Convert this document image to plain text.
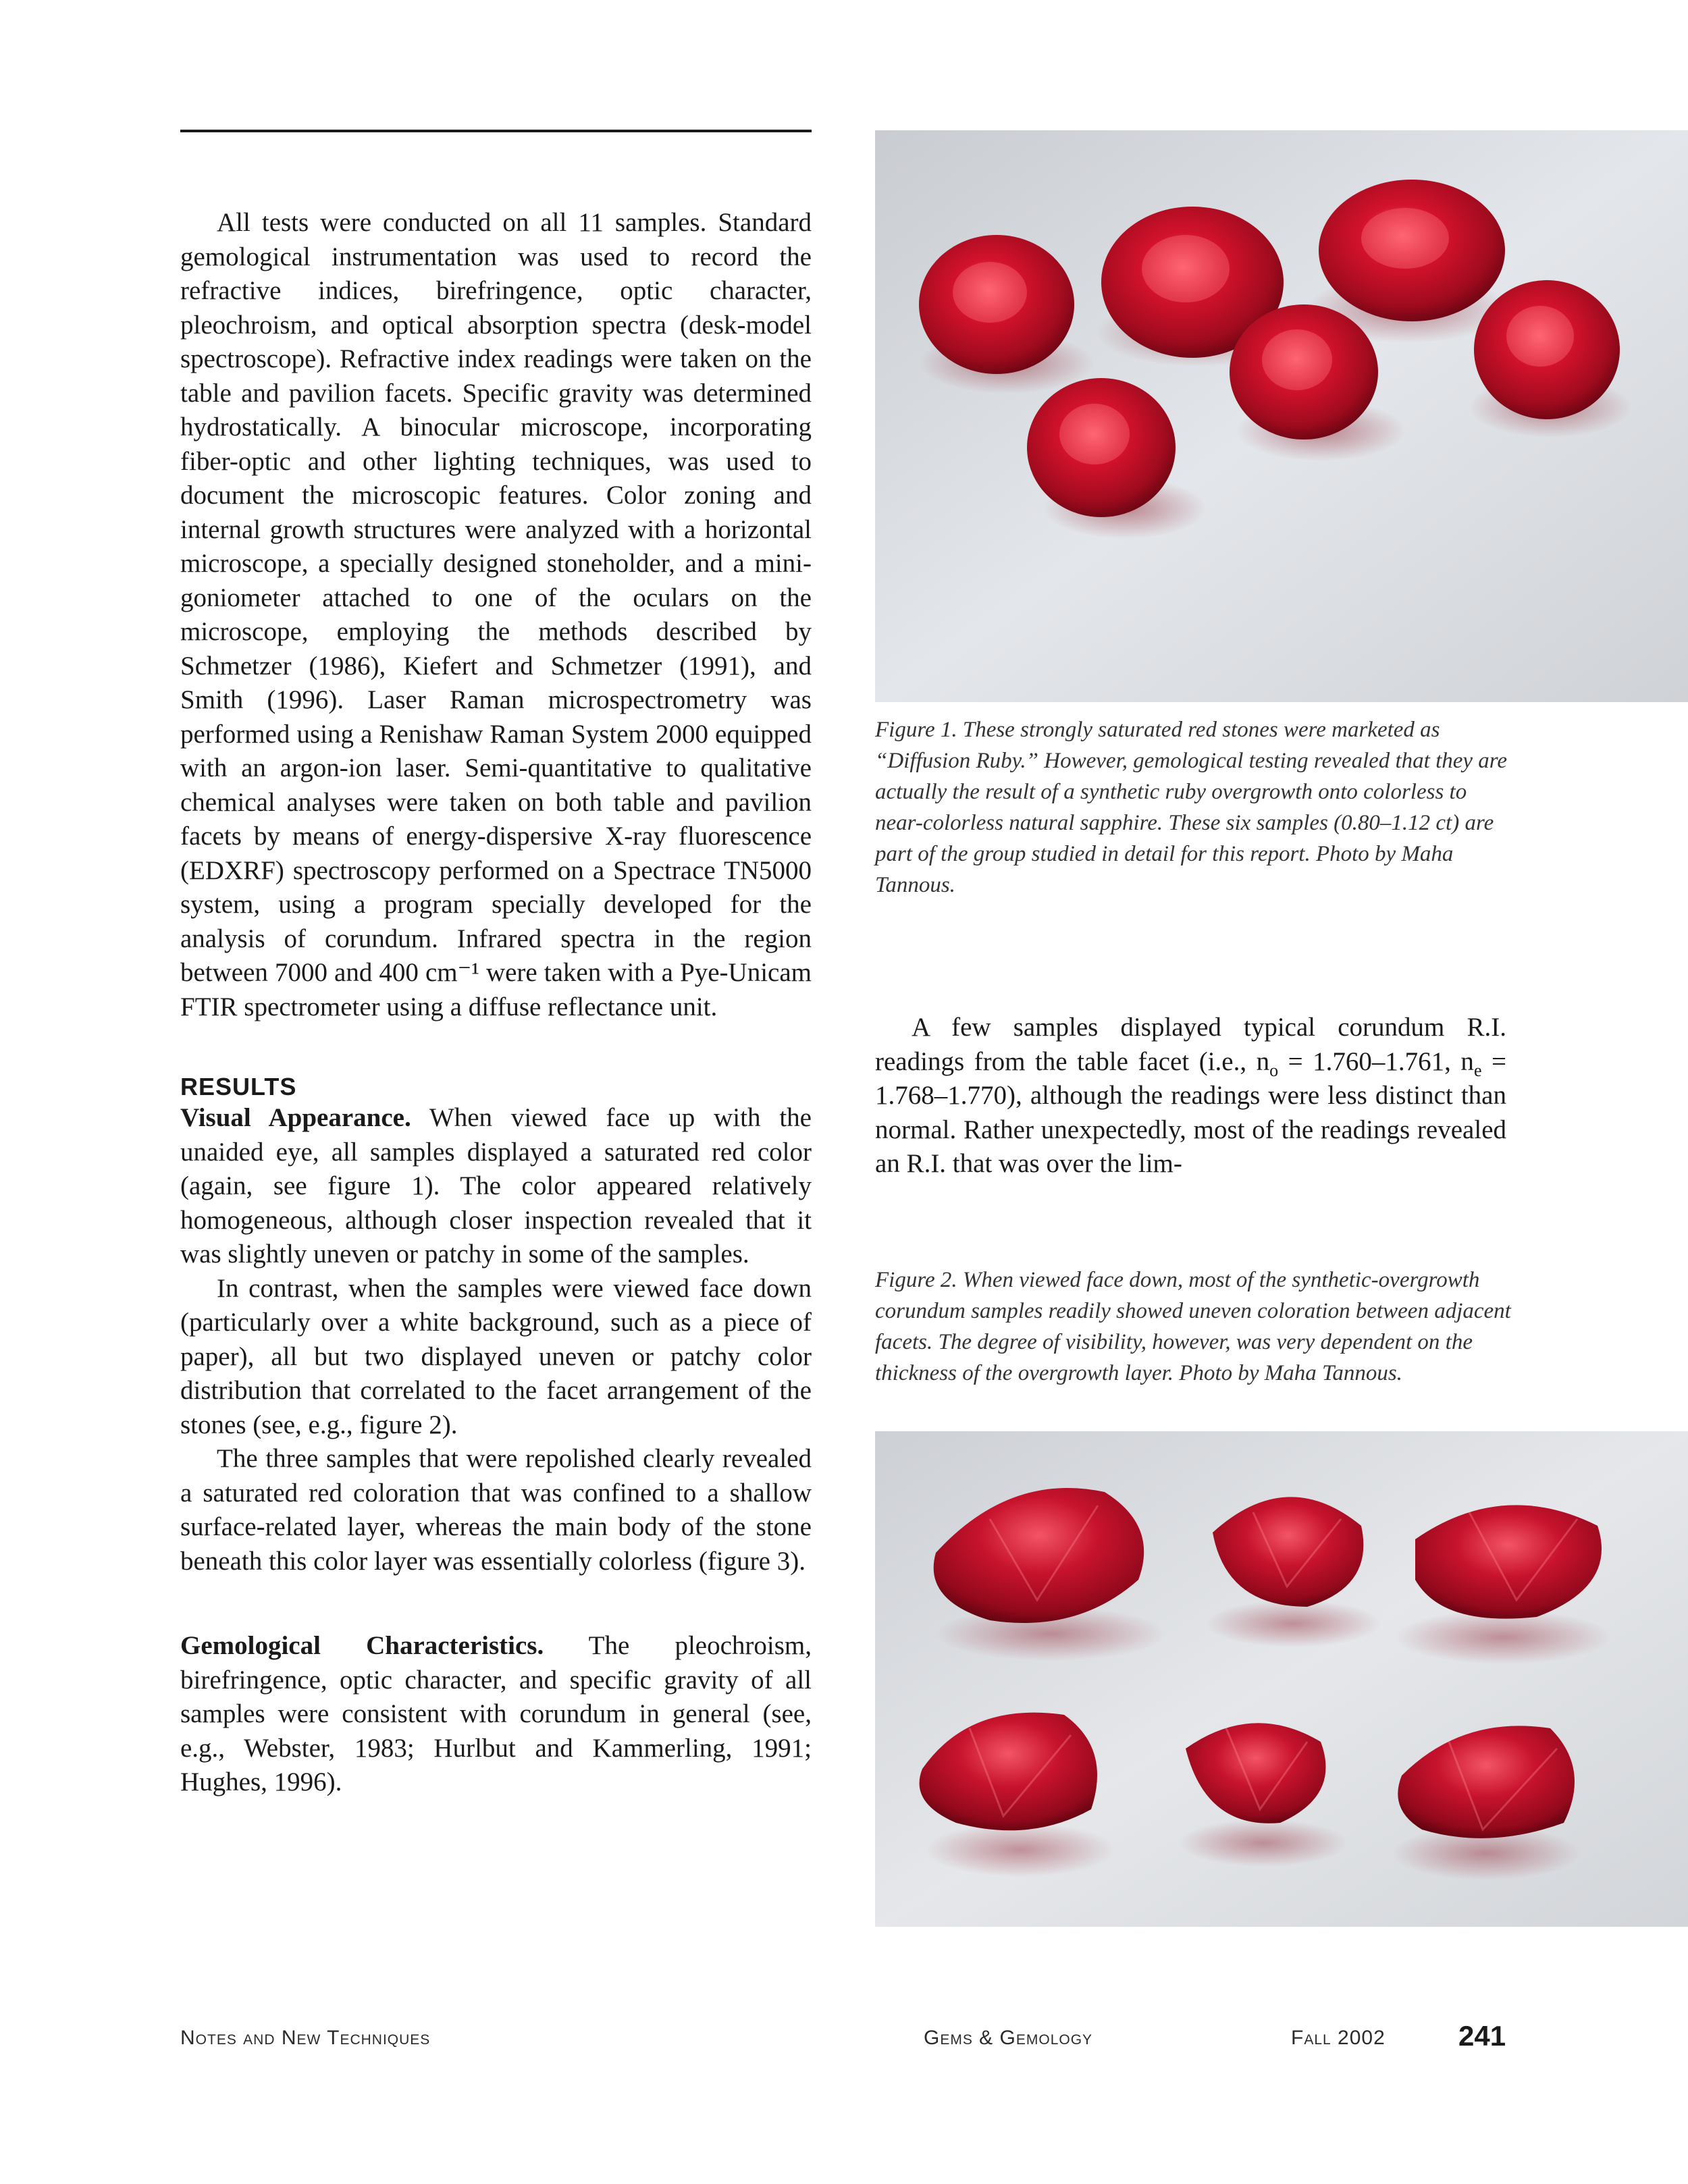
All tests were conducted on all 11 samples. Standard gemological instrumentation was used to record the refractive indices, birefringence, optic character, pleochroism, and optical absorption spectra (desk-model spectroscope). Refractive index readings were taken on the table and pavilion facets. Specific gravity was determined hydrostatically. A binocular microscope, incorporating fiber-optic and other lighting techniques, was used to document the microscopic features. Color zoning and internal growth structures were analyzed with a horizontal microscope, a specially designed stoneholder, and a mini-goniometer attached to one of the oculars on the microscope, employing the methods described by Schmetzer (1986), Kiefert and Schmetzer (1991), and Smith (1996). Laser Raman microspectrometry was performed using a Renishaw Raman System 2000 equipped with an argon-ion laser. Semi-quantitative to qualitative chemical analyses were taken on both table and pavilion facets by means of energy-dispersive X-ray fluorescence (EDXRF) spectroscopy performed on a Spectrace TN5000 system, using a program specially developed for the analysis of corundum. Infrared spectra in the region between 7000 and 400 cm⁻¹ were taken with a Pye-Unicam FTIR spectrometer using a diffuse reflectance unit.

RESULTS

Visual Appearance. When viewed face up with the unaided eye, all samples displayed a saturated red color (again, see figure 1). The color appeared relatively homogeneous, although closer inspection revealed that it was slightly uneven or patchy in some of the samples.

In contrast, when the samples were viewed face down (particularly over a white background, such as a piece of paper), all but two displayed uneven or patchy color distribution that correlated to the facet arrangement of the stones (see, e.g., figure 2).

The three samples that were repolished clearly revealed a saturated red coloration that was confined to a shallow surface-related layer, whereas the main body of the stone beneath this color layer was essentially colorless (figure 3).

Gemological Characteristics. The pleochroism, birefringence, optic character, and specific gravity of all samples were consistent with corundum in general (see, e.g., Webster, 1983; Hurlbut and Kammerling, 1991; Hughes, 1996).

Figure 1. These strongly saturated red stones were marketed as “Diffusion Ruby.” However, gemological testing revealed that they are actually the result of a synthetic ruby overgrowth onto colorless to near-colorless natural sapphire. These six samples (0.80–1.12 ct) are part of the group studied in detail for this report. Photo by Maha Tannous.

A few samples displayed typical corundum R.I. readings from the table facet (i.e., $n_o = 1.760-1.761$, $n_e = 1.768-1.770$), although the readings were less distinct than normal. Rather unexpectedly, most of the readings revealed an R.I. that was over the lim-

Figure 2. When viewed face down, most of the synthetic-overgrowth corundum samples readily showed uneven coloration between adjacent facets. The degree of visibility, however, was very dependent on the thickness of the overgrowth layer. Photo by Maha Tannous.

Notes and New Techniques	Gems & Gemology	Fall 2002	241
